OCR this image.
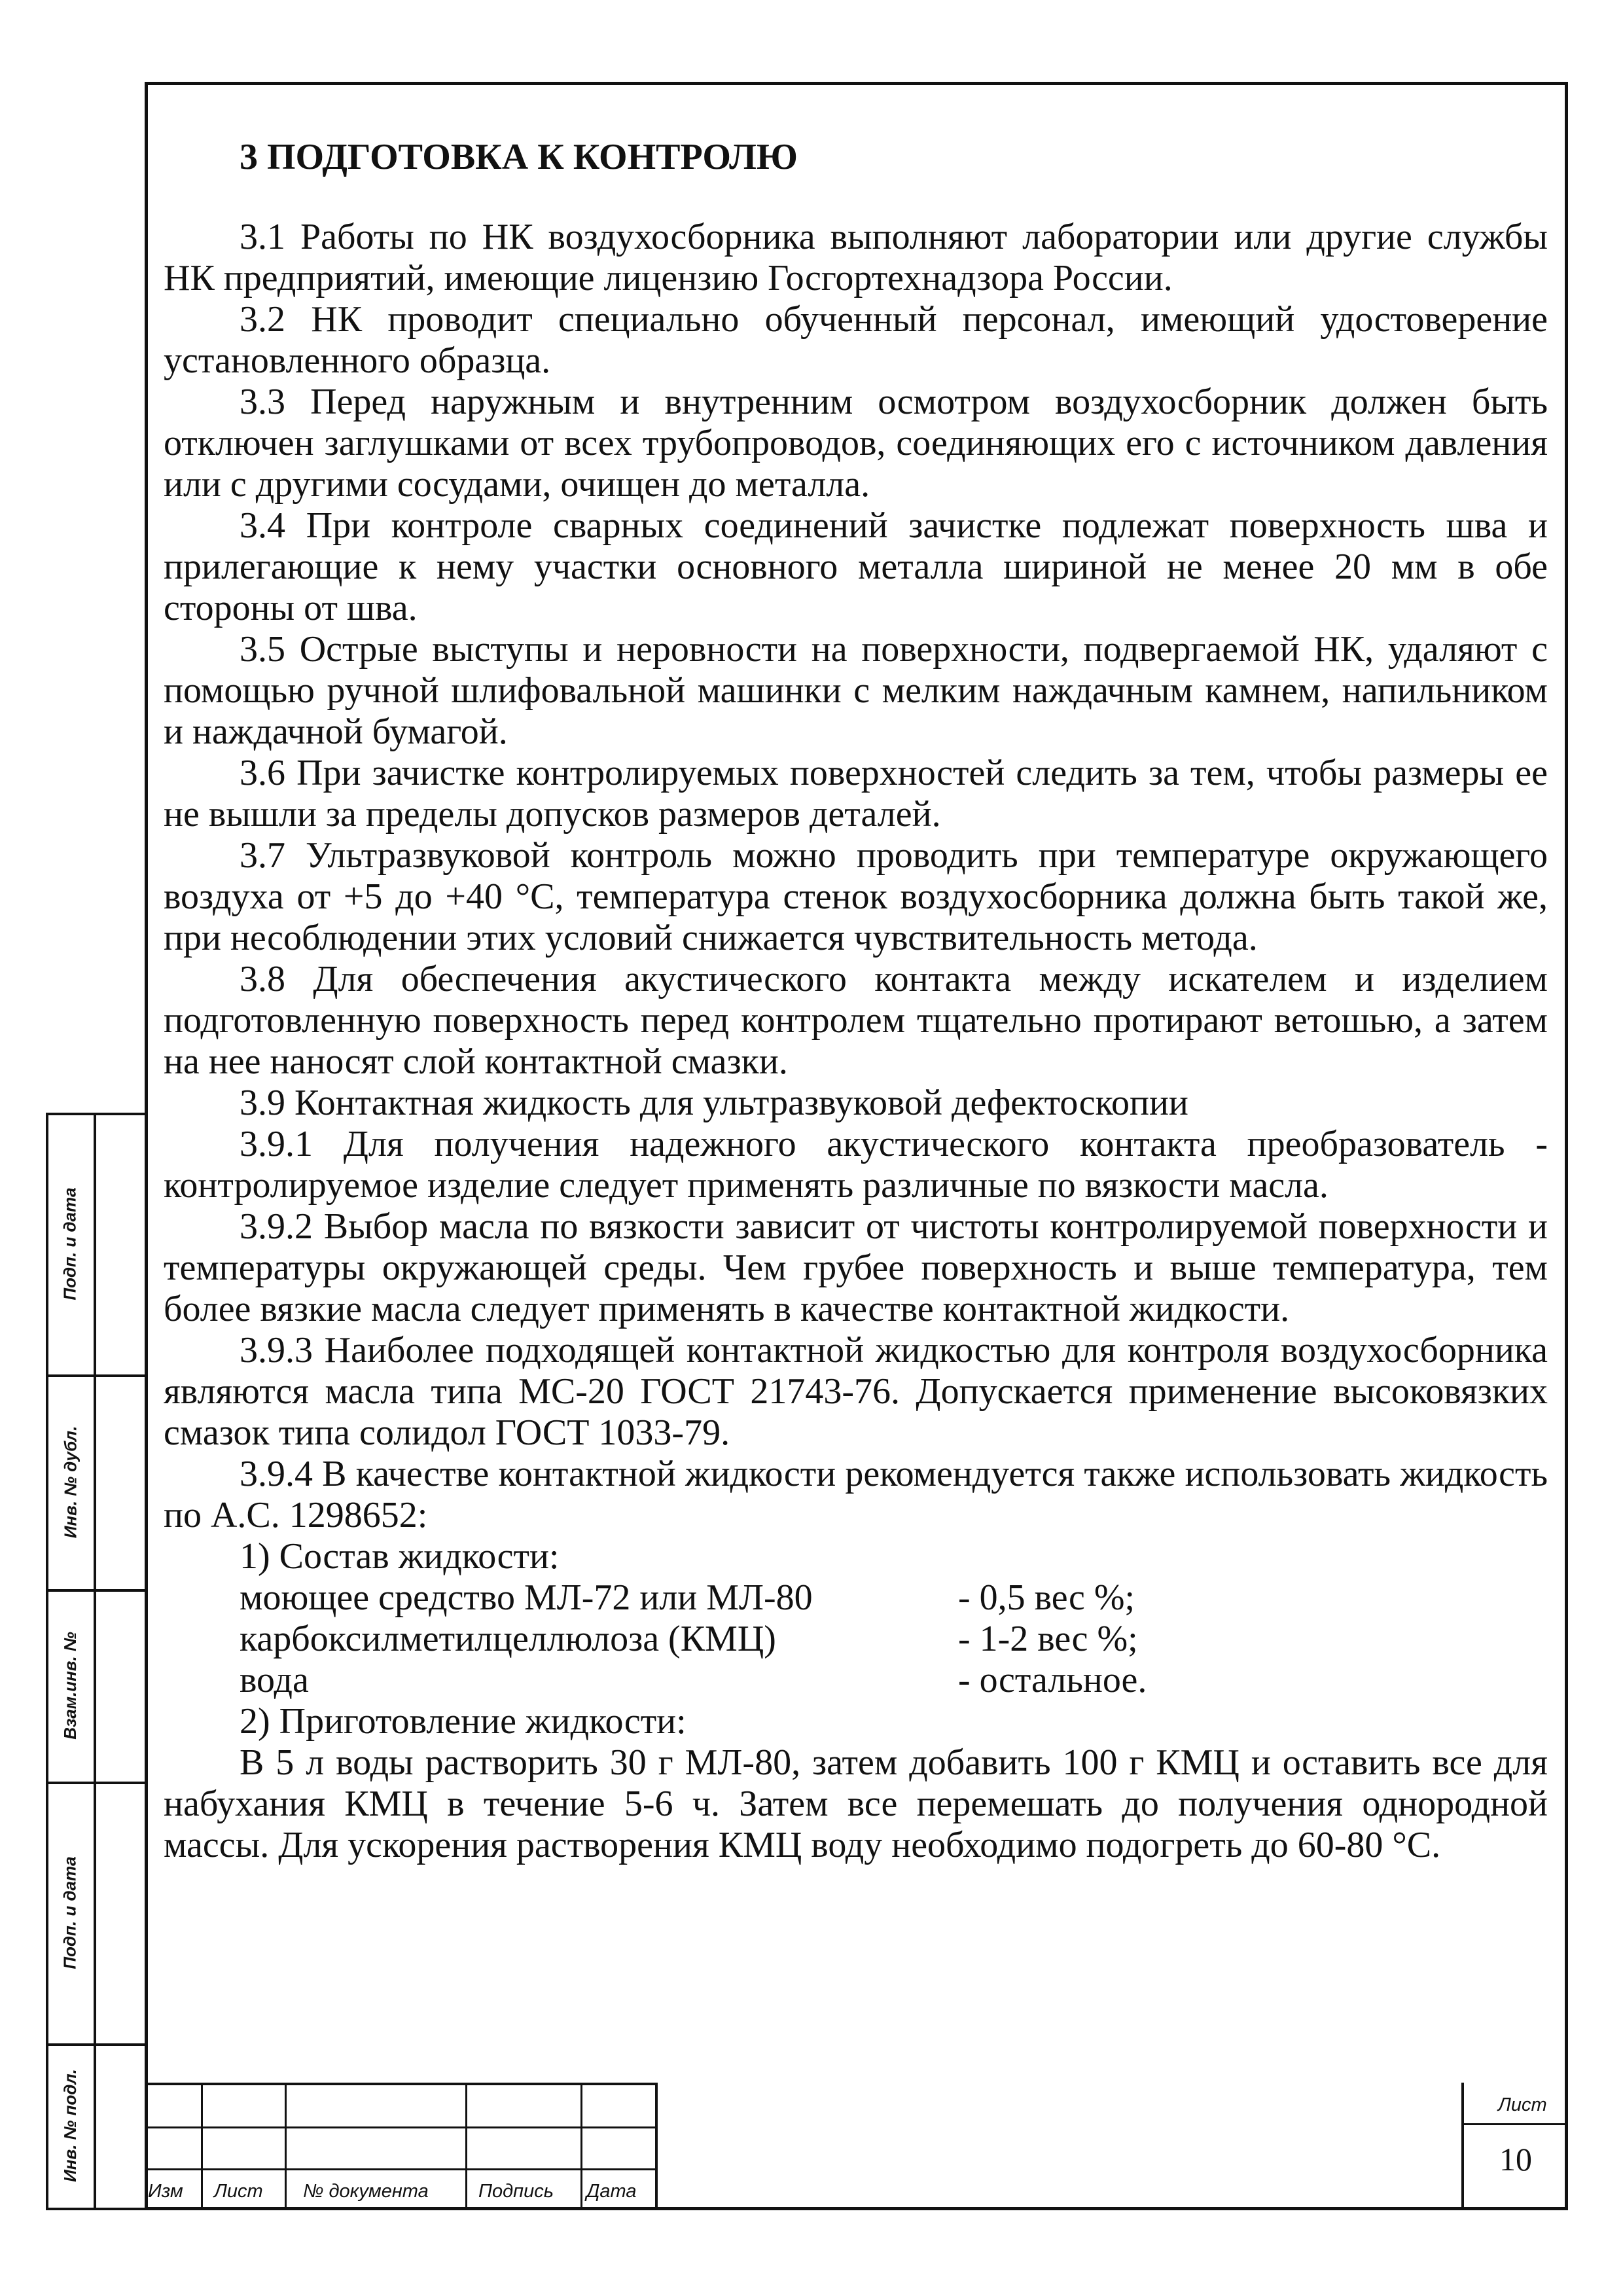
3 ПОДГОТОВКА К КОНТРОЛЮ

3.1 Работы по НК воздухосборника выполняют лаборатории или другие службы НК предприятий, имеющие лицензию Госгортехнадзора России.

3.2 НК проводит специально обученный персонал, имеющий удостоверение установленного образца.

3.3 Перед наружным и внутренним осмотром воздухосборник должен быть отключен заглушками от всех трубопроводов, соединяющих его с источником давления или с другими сосудами, очищен до металла.

3.4 При контроле сварных соединений зачистке подлежат поверхность шва и прилегающие к нему участки основного металла шириной не менее 20 мм в обе стороны от шва.

3.5 Острые выступы и неровности на поверхности, подвергаемой НК, удаляют с помощью ручной шлифовальной машинки с мелким наждачным камнем, напильником и наждачной бумагой.

3.6 При зачистке контролируемых поверхностей следить за тем, чтобы размеры ее не вышли за пределы допусков размеров деталей.

3.7 Ультразвуковой контроль можно проводить при температуре окружающего воздуха от +5 до +40 °С, температура стенок воздухосборника должна быть такой же, при несоблюдении этих условий снижается чувствительность метода.

3.8 Для обеспечения акустического контакта между искателем и изделием подготовленную поверхность перед контролем тщательно протирают ветошью, а затем на нее наносят слой контактной смазки.

3.9 Контактная жидкость для ультразвуковой дефектоскопии

3.9.1 Для получения надежного акустического контакта преобразователь - контролируемое изделие следует применять различные по вязкости масла.

3.9.2 Выбор масла по вязкости зависит от чистоты контролируемой поверхности и температуры окружающей среды. Чем грубее поверхность и выше температура, тем более вязкие масла следует применять в качестве контактной жидкости.

3.9.3 Наиболее подходящей контактной жидкостью для контроля воздухосборника являются масла типа МС-20 ГОСТ 21743-76. Допускается применение высоковязких смазок типа солидол ГОСТ 1033-79.

3.9.4 В качестве контактной жидкости рекомендуется также использовать жидкость по А.С. 1298652:

1) Состав жидкости:

моющее средство МЛ-72 или МЛ-80	- 0,5 вес %;
карбоксилметилцеллюлоза (КМЦ)	- 1-2 вес %;
вода	- остальное.

2) Приготовление жидкости:

В 5 л воды растворить 30 г МЛ-80, затем добавить 100 г КМЦ и оставить все для набухания КМЦ в течение 5-6 ч. Затем все перемешать до получения однородной массы. Для ускорения растворения КМЦ воду необходимо подогреть до 60-80 °С.

Подп. и дата
Инв. № дубл.
Взам.инв. №
Подп. и дата
Инв. № подл.
Изм Лист № документа	Подпись Дата
Лист
10
